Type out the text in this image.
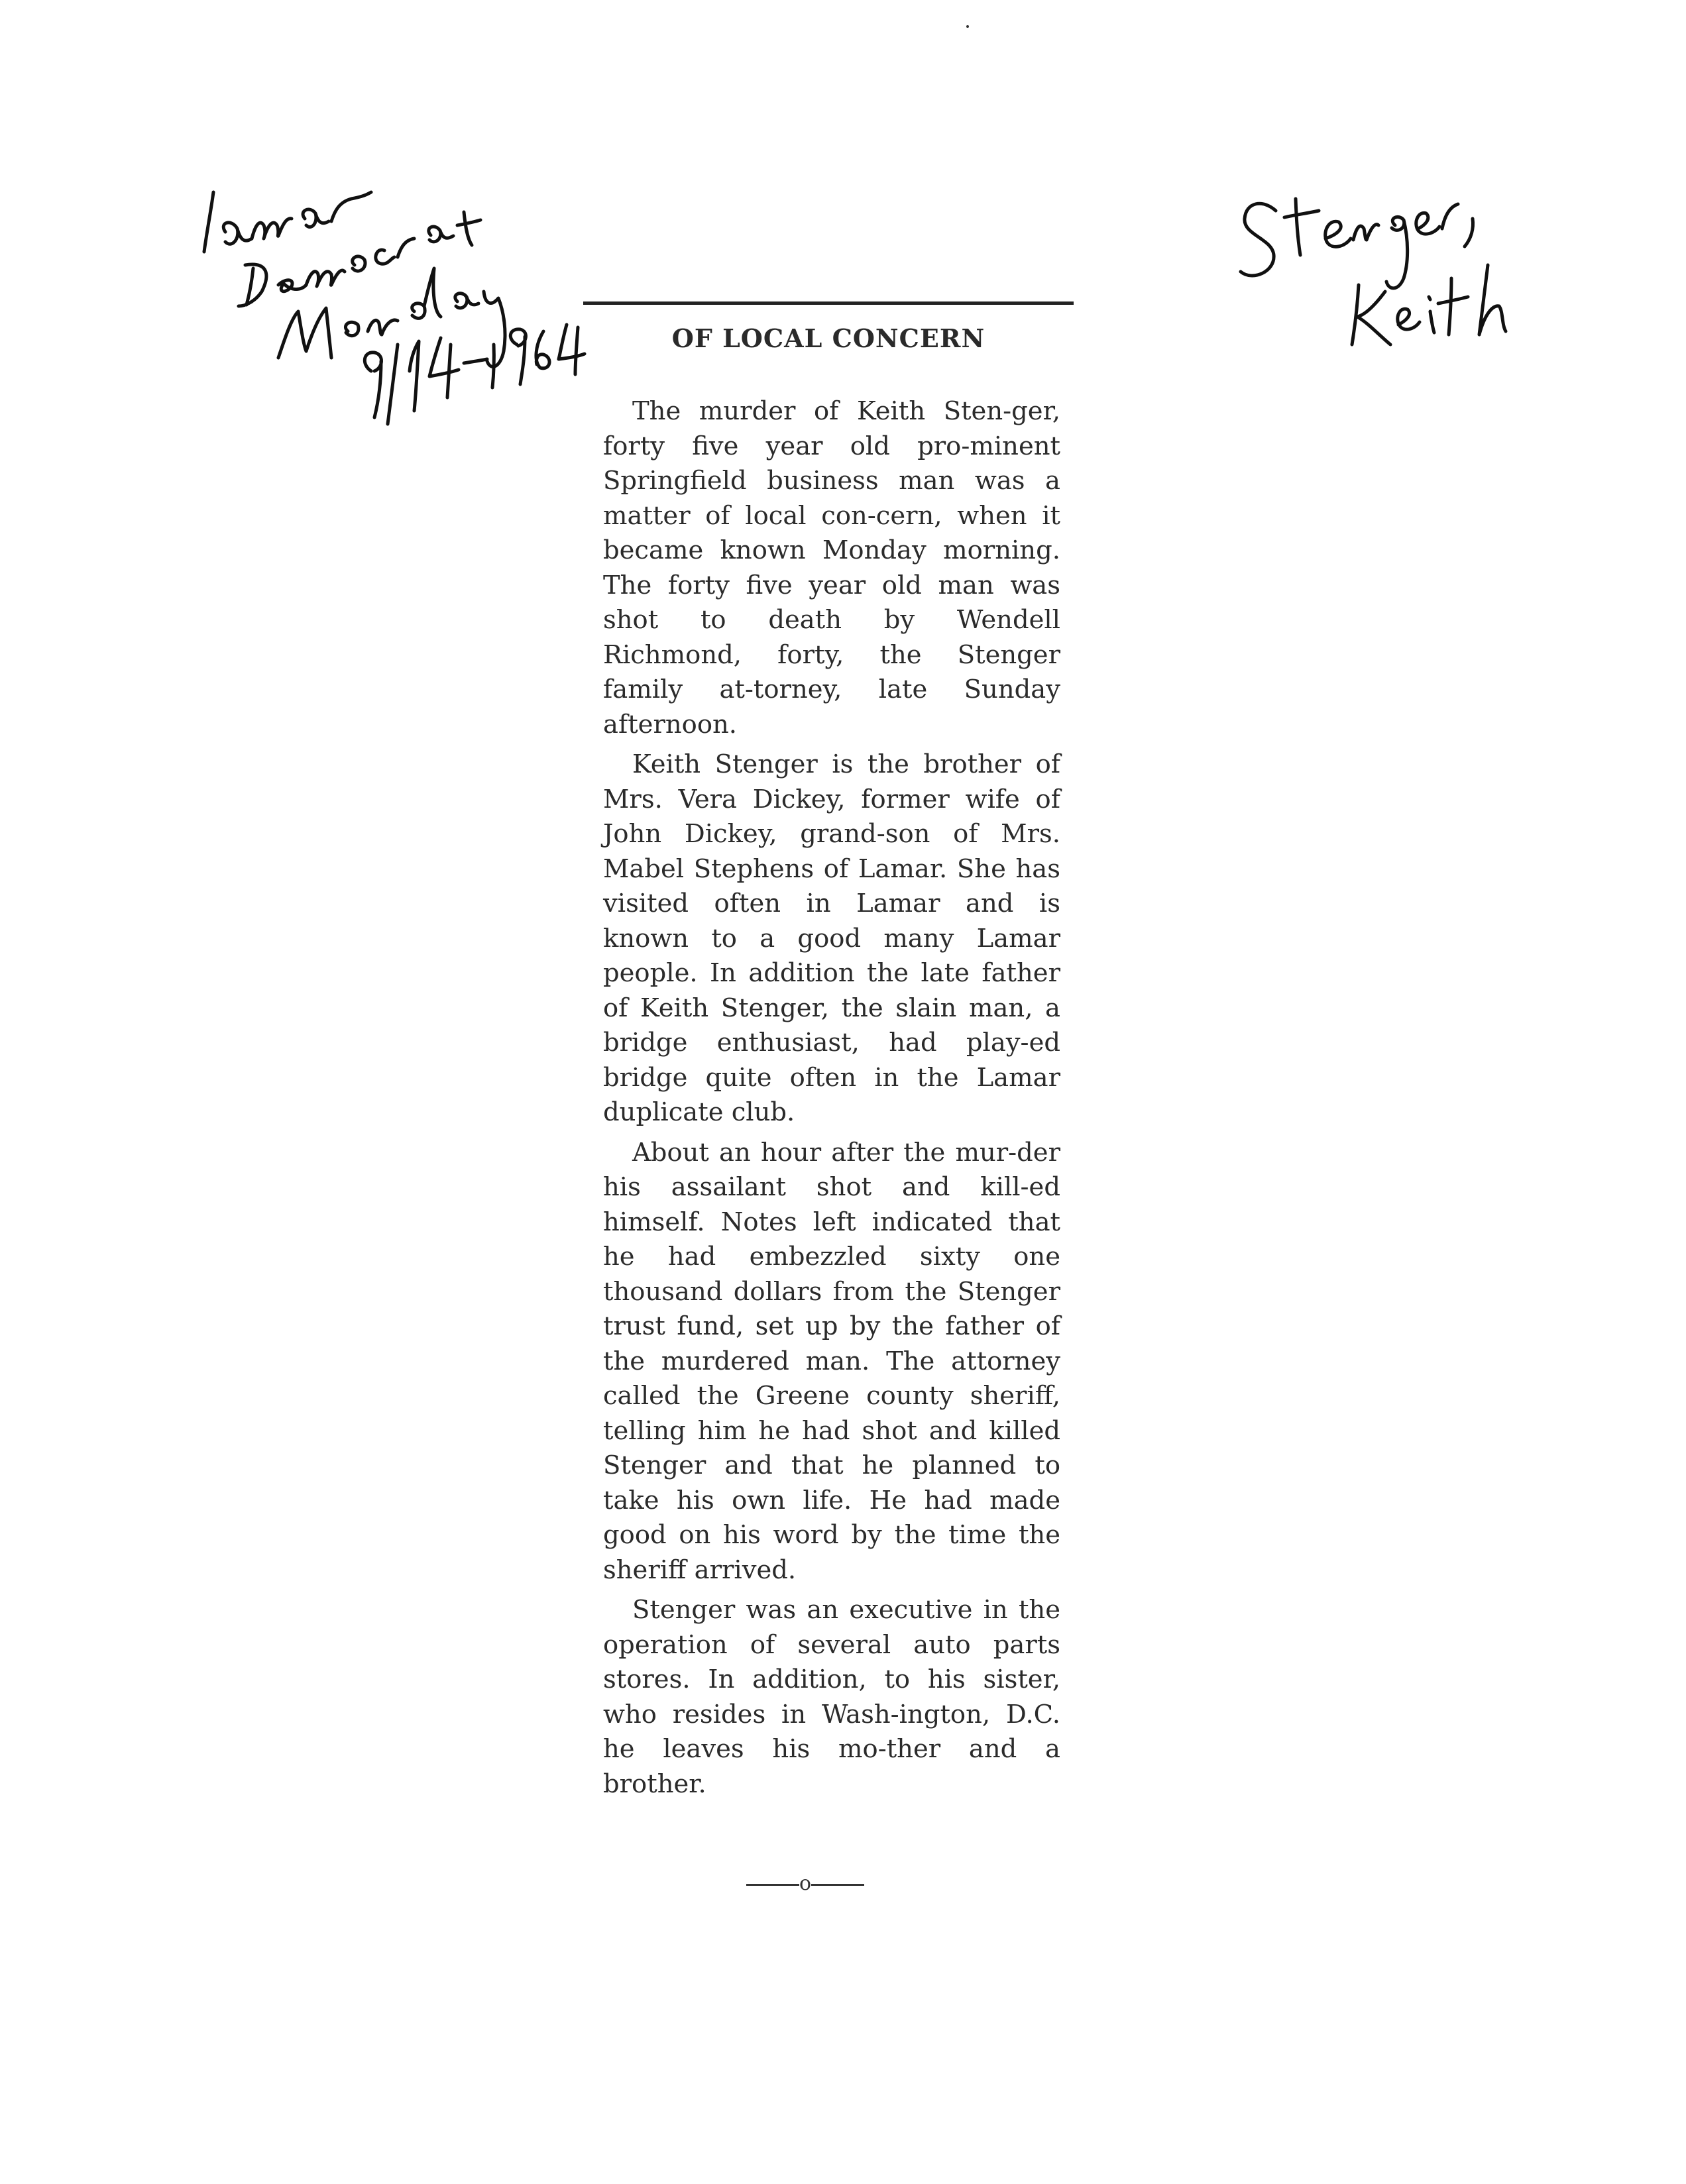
OF LOCAL CONCERN

The murder of Keith Sten-ger, forty five year old pro-minent Springfield business man was a matter of local con-cern, when it became known Monday morning. The forty five year old man was shot to death by Wendell Richmond, forty, the Stenger family at-torney, late Sunday afternoon.

Keith Stenger is the brother of Mrs. Vera Dickey, former wife of John Dickey, grand-son of Mrs. Mabel Stephens of Lamar. She has visited often in Lamar and is known to a good many Lamar people. In addition the late father of Keith Stenger, the slain man, a bridge enthusiast, had play-ed bridge quite often in the Lamar duplicate club.

About an hour after the mur-der his assailant shot and kill-ed himself. Notes left indicated that he had embezzled sixty one thousand dollars from the Stenger trust fund, set up by the father of the murdered man. The attorney called the Greene county sheriff, telling him he had shot and killed Stenger and that he planned to take his own life. He had made good on his word by the time the sheriff arrived.

Stenger was an executive in the operation of several auto parts stores. In addition, to his sister, who resides in Wash-ington, D.C. he leaves his mo-ther and a brother.

o
